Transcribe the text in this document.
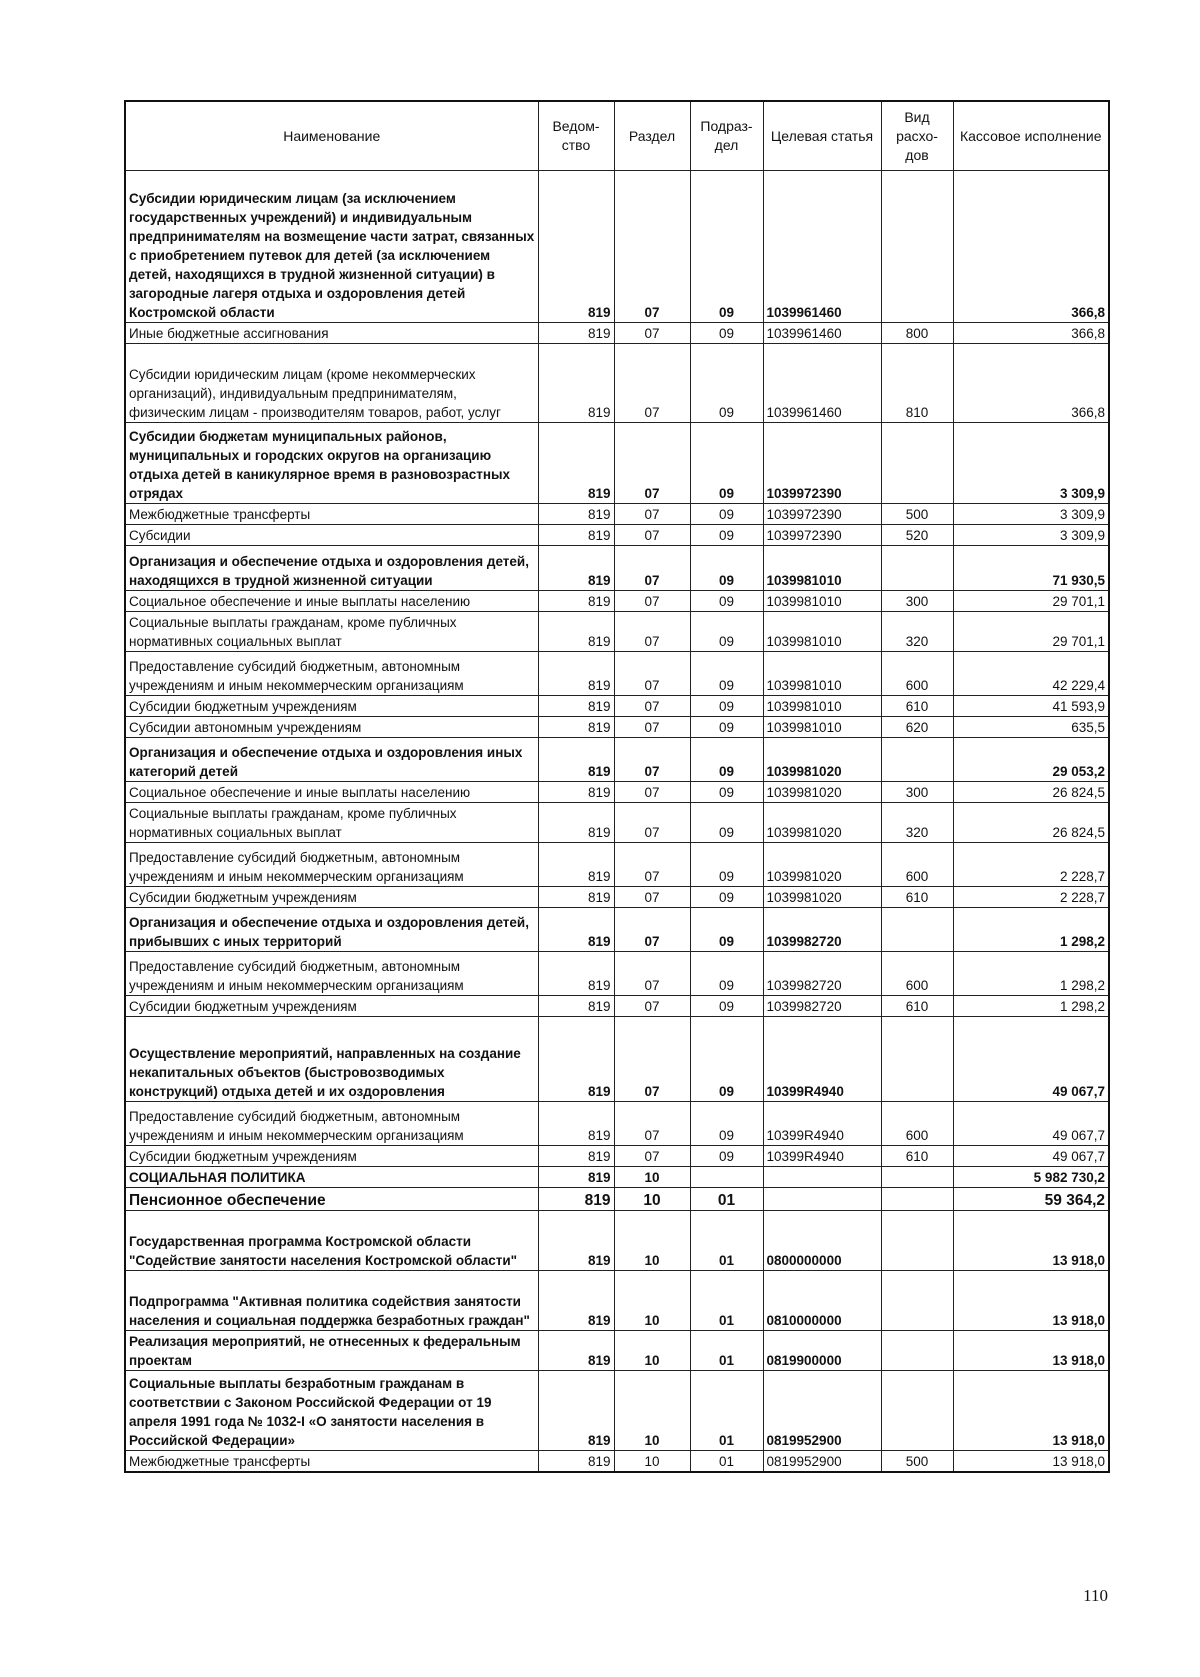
Наименование	Ведом-ство	Раздел	Подраз-дел	Целевая статья	Вид расхо-дов	Кассовое исполнение
Субсидии юридическим лицам (за исключением государственных учреждений) и индивидуальным предпринимателям на возмещение части затрат, связанных с приобретением путевок для детей (за исключением детей, находящихся в трудной жизненной ситуации) в загородные лагеря отдыха и оздоровления детей Костромской области	819	07	09	1039961460		366,8
Иные бюджетные ассигнования	819	07	09	1039961460	800	366,8
Субсидии юридическим лицам (кроме некоммерческих организаций), индивидуальным предпринимателям, физическим лицам - производителям товаров, работ, услуг	819	07	09	1039961460	810	366,8
Субсидии бюджетам муниципальных районов, муниципальных и городских округов на организацию отдыха детей в каникулярное время в разновозрастных отрядах	819	07	09	1039972390		3 309,9
Межбюджетные трансферты	819	07	09	1039972390	500	3 309,9
Субсидии	819	07	09	1039972390	520	3 309,9
Организация и обеспечение отдыха и оздоровления детей, находящихся в трудной жизненной ситуации	819	07	09	1039981010		71 930,5
Социальное обеспечение и иные выплаты населению	819	07	09	1039981010	300	29 701,1
Социальные выплаты гражданам, кроме публичных нормативных социальных выплат	819	07	09	1039981010	320	29 701,1
Предоставление субсидий бюджетным, автономным учреждениям и иным некоммерческим организациям	819	07	09	1039981010	600	42 229,4
Субсидии бюджетным учреждениям	819	07	09	1039981010	610	41 593,9
Субсидии автономным учреждениям	819	07	09	1039981010	620	635,5
Организация и обеспечение отдыха и оздоровления иных категорий детей	819	07	09	1039981020		29 053,2
Социальное обеспечение и иные выплаты населению	819	07	09	1039981020	300	26 824,5
Социальные выплаты гражданам, кроме публичных нормативных социальных выплат	819	07	09	1039981020	320	26 824,5
Предоставление субсидий бюджетным, автономным учреждениям и иным некоммерческим организациям	819	07	09	1039981020	600	2 228,7
Субсидии бюджетным учреждениям	819	07	09	1039981020	610	2 228,7
Организация и обеспечение отдыха и оздоровления детей, прибывших с иных территорий	819	07	09	1039982720		1 298,2
Предоставление субсидий бюджетным, автономным учреждениям и иным некоммерческим организациям	819	07	09	1039982720	600	1 298,2
Субсидии бюджетным учреждениям	819	07	09	1039982720	610	1 298,2
Осуществление мероприятий, направленных на создание некапитальных объектов (быстровозводимых конструкций) отдыха детей и их оздоровления	819	07	09	10399R4940		49 067,7
Предоставление субсидий бюджетным, автономным учреждениям и иным некоммерческим организациям	819	07	09	10399R4940	600	49 067,7
Субсидии бюджетным учреждениям	819	07	09	10399R4940	610	49 067,7
СОЦИАЛЬНАЯ ПОЛИТИКА	819	10				5 982 730,2
Пенсионное обеспечение	819	10	01			59 364,2
Государственная программа Костромской области "Содействие занятости населения Костромской области"	819	10	01	0800000000		13 918,0
Подпрограмма "Активная политика содействия занятости населения и социальная поддержка безработных граждан"	819	10	01	0810000000		13 918,0
Реализация мероприятий, не отнесенных к федеральным проектам	819	10	01	0819900000		13 918,0
Социальные выплаты безработным гражданам в соответствии с Законом Российской Федерации от 19 апреля 1991 года № 1032-I «О занятости населения в Российской Федерации»	819	10	01	0819952900		13 918,0
Межбюджетные трансферты	819	10	01	0819952900	500	13 918,0
110
